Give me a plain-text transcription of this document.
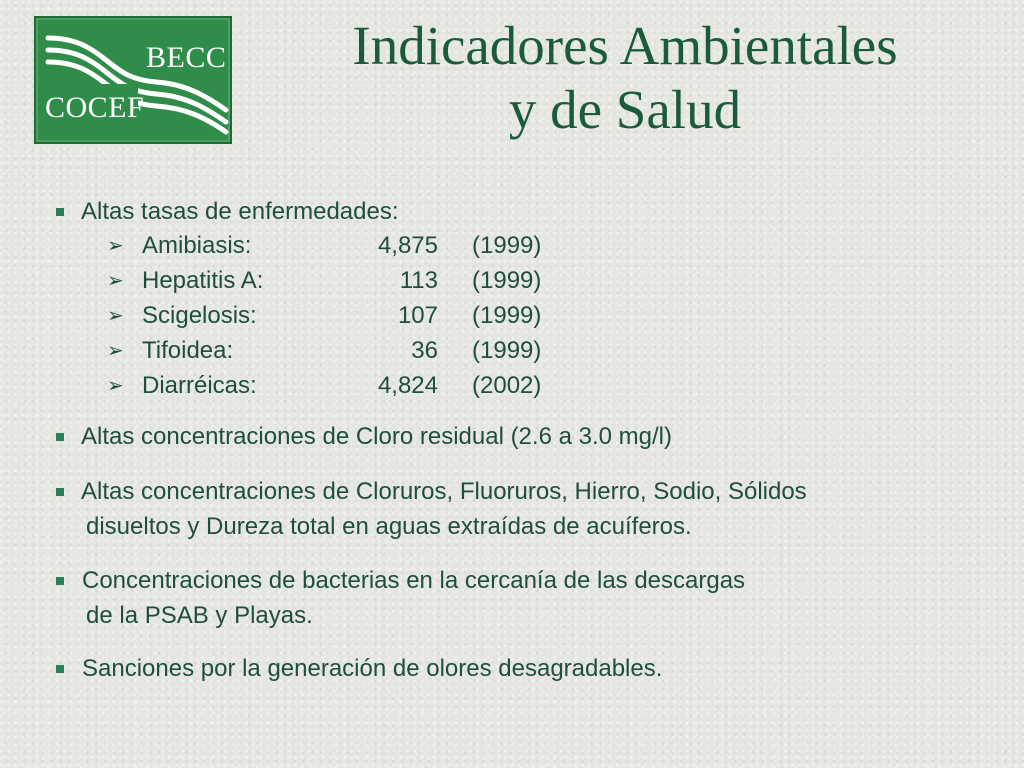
BECC
COCEF
Indicadores Ambientales
y de Salud
Altas tasas de enfermedades:
➢ Amibiasis:	4,875 (1999)
➢ Hepatitis A:	113 (1999)
➢ Scigelosis:	107 (1999)
➢ Tifoidea:	36 (1999)
➢ Diarréicas:	4,824 (2002)
Altas concentraciones de Cloro residual (2.6 a 3.0 mg/l)
Altas concentraciones de Cloruros, Fluoruros, Hierro, Sodio, Sólidos
disueltos y Dureza total en aguas extraídas de acuíferos.
Concentraciones de bacterias en la cercanía de las descargas
de la PSAB y Playas.
Sanciones por la generación de olores desagradables.
